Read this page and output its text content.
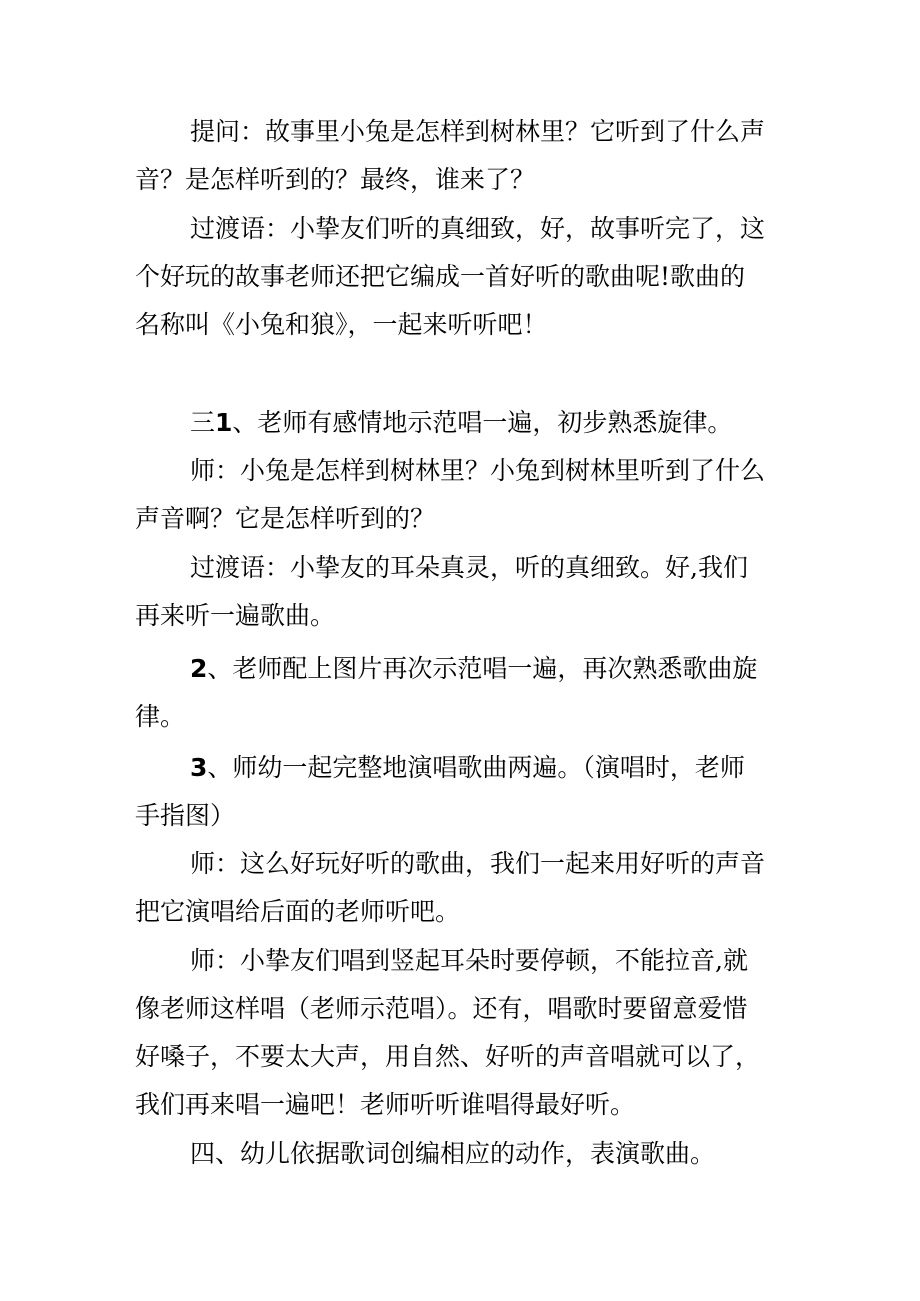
提问：故事里小兔是怎样到树林里？它听到了什么声
音？是怎样听到的？最终，谁来了？
过渡语：小挚友们听的真细致，好，故事听完了，这
个好玩的故事老师还把它编成一首好听的歌曲呢!歌曲的
名称叫《小兔和狼》，一起来听听吧！
三1、老师有感情地示范唱一遍，初步熟悉旋律。
师：小兔是怎样到树林里？小兔到树林里听到了什么
声音啊？它是怎样听到的？
过渡语：小挚友的耳朵真灵，听的真细致。好,我们
再来听一遍歌曲。
2、老师配上图片再次示范唱一遍，再次熟悉歌曲旋
律。
3、师幼一起完整地演唱歌曲两遍。（演唱时，老师
手指图）
师：这么好玩好听的歌曲，我们一起来用好听的声音
把它演唱给后面的老师听吧。
师：小挚友们唱到竖起耳朵时要停顿，不能拉音,就
像老师这样唱（老师示范唱）。还有，唱歌时要留意爱惜
好嗓子，不要太大声，用自然、好听的声音唱就可以了，
我们再来唱一遍吧！老师听听谁唱得最好听。
四、幼儿依据歌词创编相应的动作，表演歌曲。
